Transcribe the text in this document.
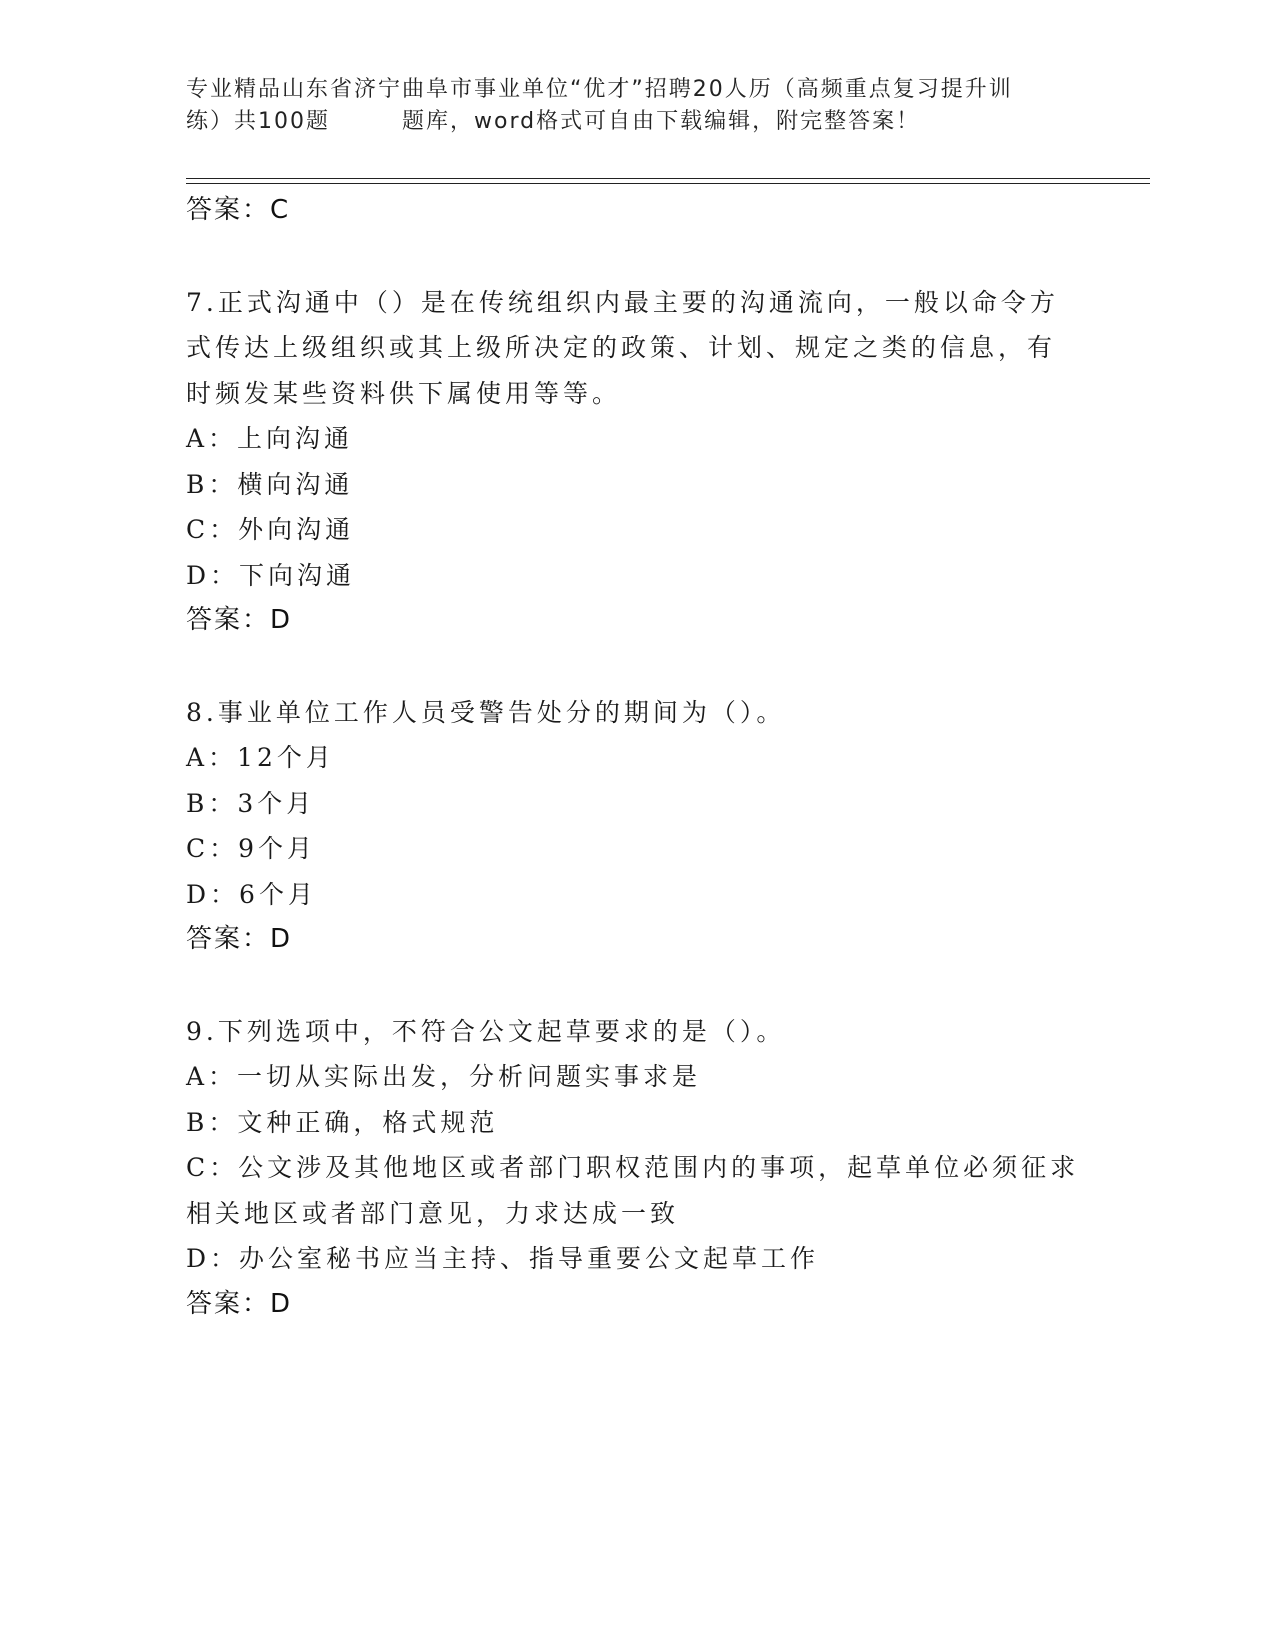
专业精品山东省济宁曲阜市事业单位“优才”招聘20人历（高频重点复习提升训
练）共100题	题库，word格式可自由下载编辑，附完整答案！
答案：C
7.正式沟通中（）是在传统组织内最主要的沟通流向，一般以命令方
式传达上级组织或其上级所决定的政策、计划、规定之类的信息，有
时频发某些资料供下属使用等等。
A：上向沟通
B：横向沟通
C：外向沟通
D：下向沟通
答案：D
8.事业单位工作人员受警告处分的期间为（）。
A：12个月
B：3个月
C：9个月
D：6个月
答案：D
9.下列选项中，不符合公文起草要求的是（）。
A：一切从实际出发，分析问题实事求是
B：文种正确，格式规范
C：公文涉及其他地区或者部门职权范围内的事项，起草单位必须征求
相关地区或者部门意见，力求达成一致
D：办公室秘书应当主持、指导重要公文起草工作
答案：D
